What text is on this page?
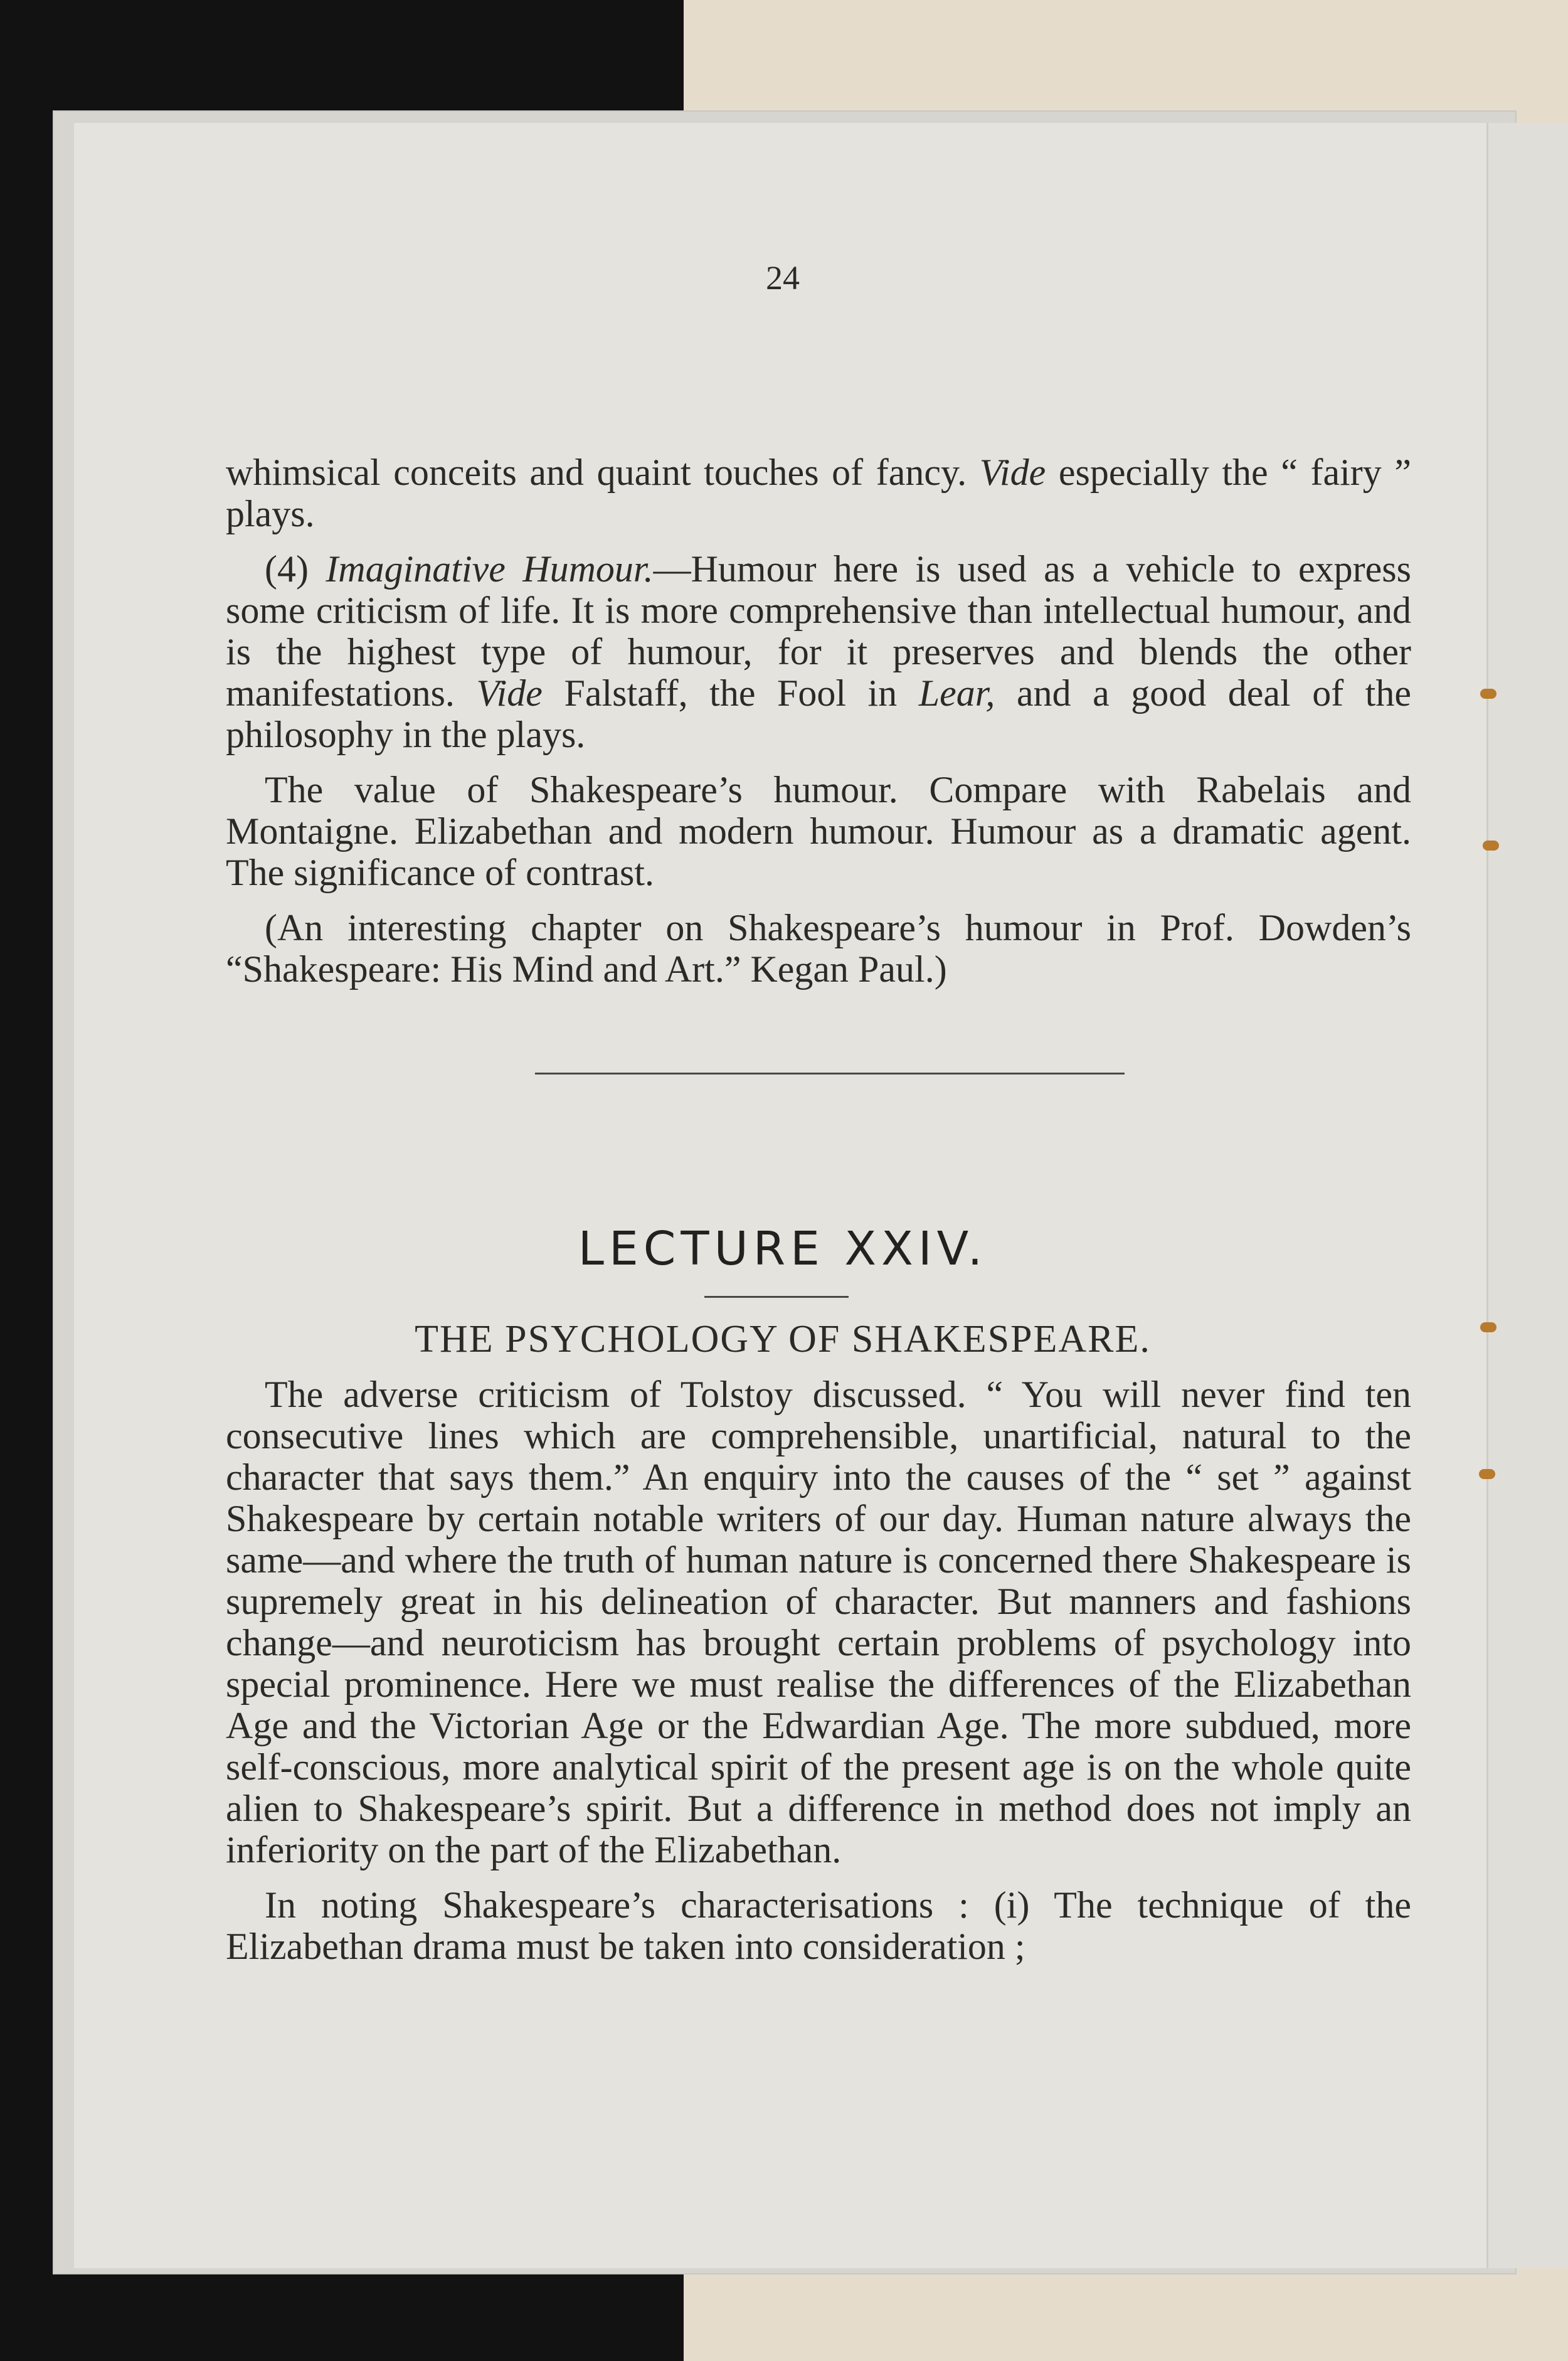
24

whimsical conceits and quaint touches of fancy. Vide especially the “ fairy ” plays.

(4) Imaginative Humour.—Humour here is used as a vehicle to express some criticism of life. It is more comprehensive than intellectual humour, and is the highest type of humour, for it preserves and blends the other manifestations. Vide Falstaff, the Fool in Lear, and a good deal of the philosophy in the plays.

The value of Shakespeare’s humour. Compare with Rabelais and Montaigne. Elizabethan and modern humour. Humour as a dramatic agent. The significance of contrast.

(An interesting chapter on Shakespeare’s humour in Prof. Dowden’s “Shakespeare: His Mind and Art.” Kegan Paul.)

LECTURE XXIV.
THE PSYCHOLOGY OF SHAKESPEARE.

The adverse criticism of Tolstoy discussed. “ You will never find ten consecutive lines which are comprehensible, unartificial, natural to the character that says them.” An enquiry into the causes of the “ set ” against Shakespeare by certain notable writers of our day. Human nature always the same—and where the truth of human nature is concerned there Shakespeare is supremely great in his delineation of character. But manners and fashions change—and neuroticism has brought certain problems of psychology into special prominence. Here we must realise the differences of the Elizabethan Age and the Victorian Age or the Edwardian Age. The more subdued, more self-conscious, more analytical spirit of the present age is on the whole quite alien to Shakespeare’s spirit. But a difference in method does not imply an inferiority on the part of the Elizabethan.

In noting Shakespeare’s characterisations : (i) The technique of the Elizabethan drama must be taken into consideration ;
